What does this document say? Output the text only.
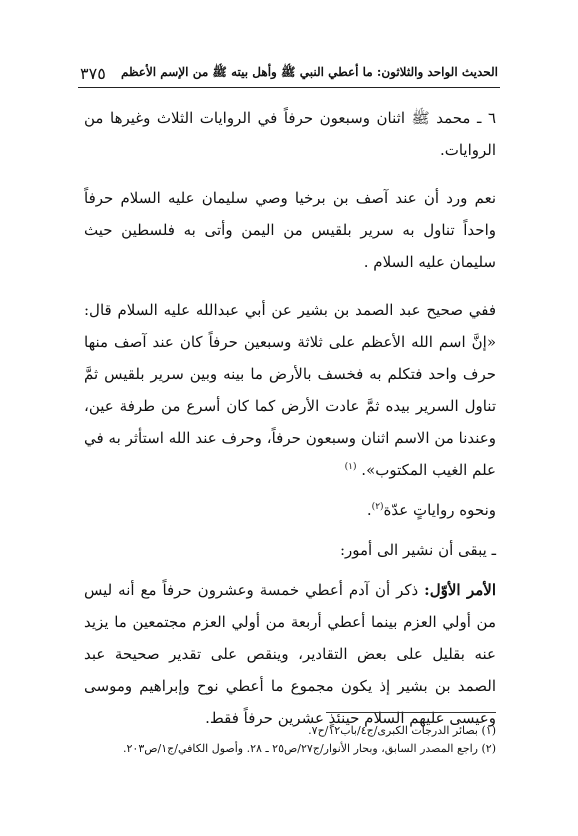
الحديث الواحد والثلاثون: ما أعطي النبي ﷺ وأهل بيته ﷺ من الإسم الأعظم
٣٧٥

٦ ـ محمد ﷺ اثنان وسبعون حرفاً في الروايات الثلاث وغيرها من الروايات.

نعم ورد أن عند آصف بن برخيا وصي سليمان عليه السلام حرفاً واحداً تناول به سرير بلقيس من اليمن وأتى به فلسطين حيث سليمان عليه السلام .

ففي صحيح عبد الصمد بن بشير عن أبي عبدالله عليه السلام قال: «إنَّ اسم الله الأعظم على ثلاثة وسبعين حرفاً كان عند آصف منها حرف واحد فتكلم به فخسف بالأرض ما بينه وبين سرير بلقيس ثمَّ تناول السرير بيده ثمَّ عادت الأرض كما كان أسرع من طرفة عين، وعندنا من الاسم اثنان وسبعون حرفاً، وحرف عند الله استأثر به في علم الغيب المكتوب». $^{(١)}$

ونحوه رواياتٍ عدّة$^{(٢)}$.

ـ يبقى أن نشير الى أمور:

الأمر الأوّل: ذكر أن آدم أعطي خمسة وعشرون حرفاً مع أنه ليس من أولي العزم بينما أعطي أربعة من أولي العزم مجتمعين ما يزيد عنه بقليل على بعض التقادير، وينقص على تقدير صحيحة عبد الصمد بن بشير إذ يكون مجموع ما أعطي نوح وإبراهيم وموسى وعيسى عليهم السلام حينئذٍ عشرين حرفاً فقط.

(١) بصائر الدرجات الكبرى/ج٤/باب١٢/ح٧.

(٢) راجع المصدر السابق، وبحار الأنوار/ج٢٧/ص٢٥ ـ ٢٨. وأصول الكافي/ج١/ص٢٠٣.
